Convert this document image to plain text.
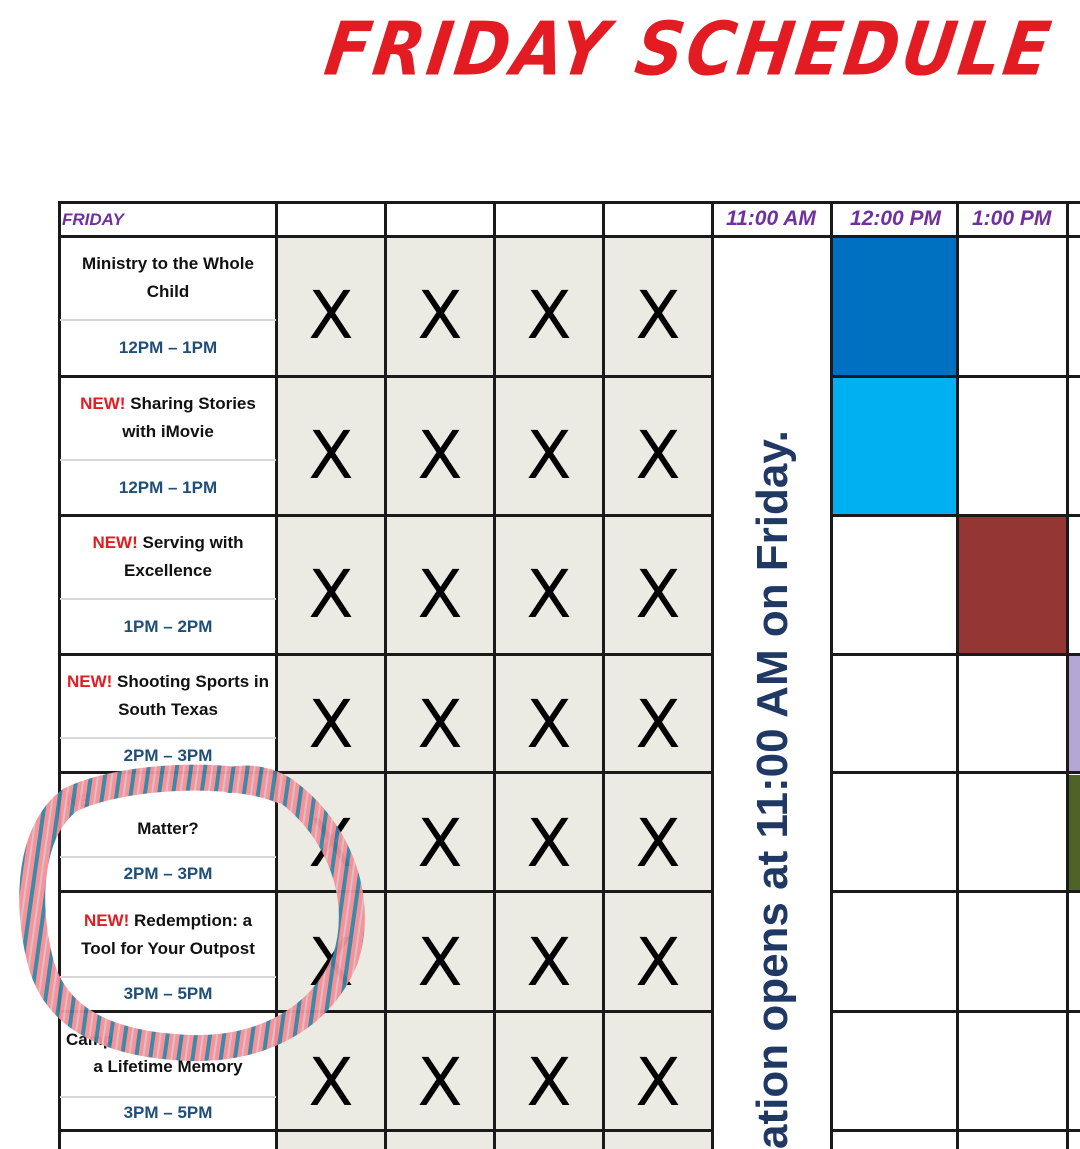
FRIDAY SCHEDULE
FRIDAY	11:00 AM 12:00 PM 1:00 PM
Ministry to the Whole
Child
12PM – 1PM
NEW! Sharing Stories
with iMovie
12PM – 1PM
NEW! Serving with
Excellence
1PM – 2PM
NEW! Shooting Sports in
South Texas
2PM – 3PM
NE
Matter?
2PM – 3PM
NEW! Redemption: a
Tool for Your Outpost
3PM – 5PM
Camp
a Lifetime Memory
3PM – 5PM
X X X X
X X X X
X X X X
X X X X
X X X X
X X X X
X X X X	ation opens at 11:00 AM on Friday.
